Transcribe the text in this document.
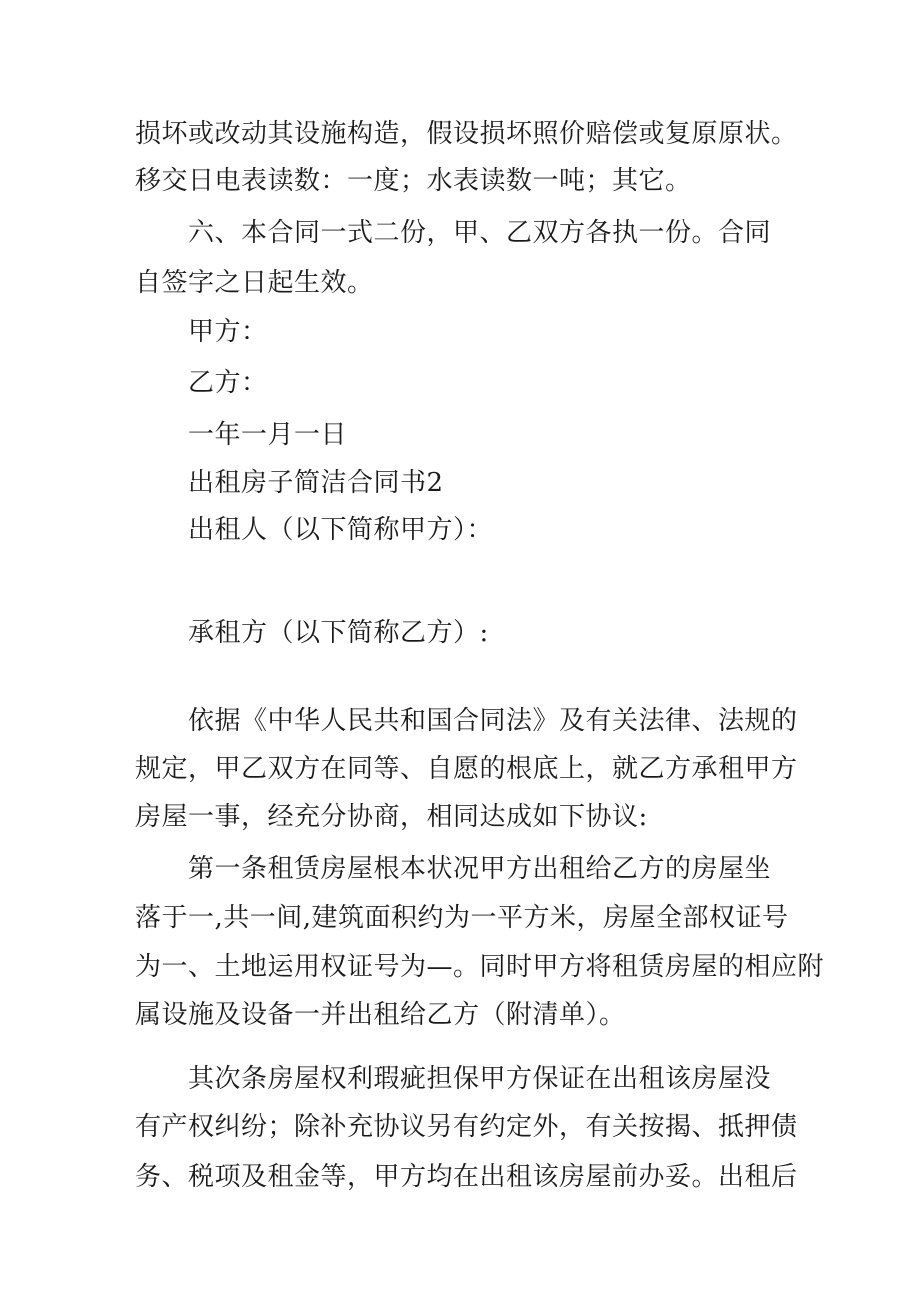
损坏或改动其设施构造，假设损坏照价赔偿或复原原状。
移交日电表读数：一度；水表读数一吨；其它。
六、本合同一式二份，甲、乙双方各执一份。合同
自签字之日起生效。
甲方：
乙方：
一年一月一日
出租房子简洁合同书2
出租人（以下简称甲方）：
承租方（以下简称乙方）:
依据《中华人民共和国合同法》及有关法律、法规的
规定，甲乙双方在同等、自愿的根底上，就乙方承租甲方
房屋一事，经充分协商，相同达成如下协议:
第一条租赁房屋根本状况甲方出租给乙方的房屋坐
落于一,共一间,建筑面积约为一平方米，房屋全部权证号
为一、土地运用权证号为—。同时甲方将租赁房屋的相应附
属设施及设备一并出租给乙方（附清单）。
其次条房屋权利瑕疵担保甲方保证在出租该房屋没
有产权纠纷；除补充协议另有约定外，有关按揭、抵押债
务、税项及租金等，甲方均在出租该房屋前办妥。出租后
